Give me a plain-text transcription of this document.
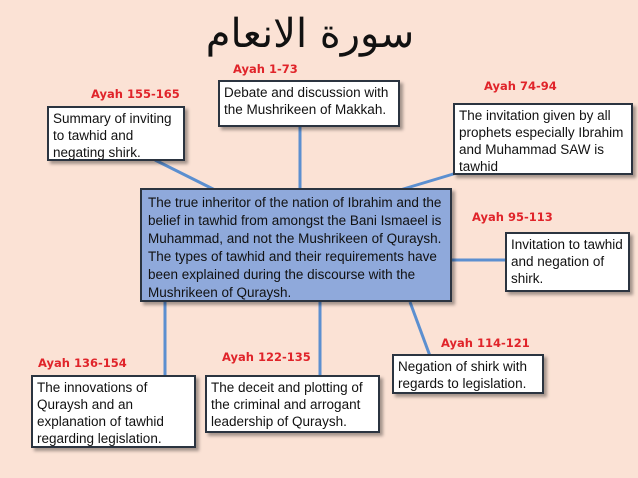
سورة الانعام
Ayah 1-73
Debate and discussion with the Mushrikeen of Makkah.
Ayah 155-165
Summary of inviting to tawhid and negating shirk.
Ayah 74-94
The invitation given by all prophets especially Ibrahim and Muhammad SAW is tawhid
The true inheritor of the nation of Ibrahim and the belief in tawhid from amongst the Bani Ismaeel is Muhammad, and not the Mushrikeen of Quraysh. The types of tawhid and their requirements have been explained during the discourse with the Mushrikeen of Quraysh.
Ayah 95-113
Invitation to tawhid and negation of shirk.
Ayah 114-121
Negation of shirk with regards to legislation.
Ayah 122-135
The deceit and plotting of the criminal and arrogant leadership of Quraysh.
Ayah 136-154
The innovations of Quraysh and an explanation of tawhid regarding legislation.
